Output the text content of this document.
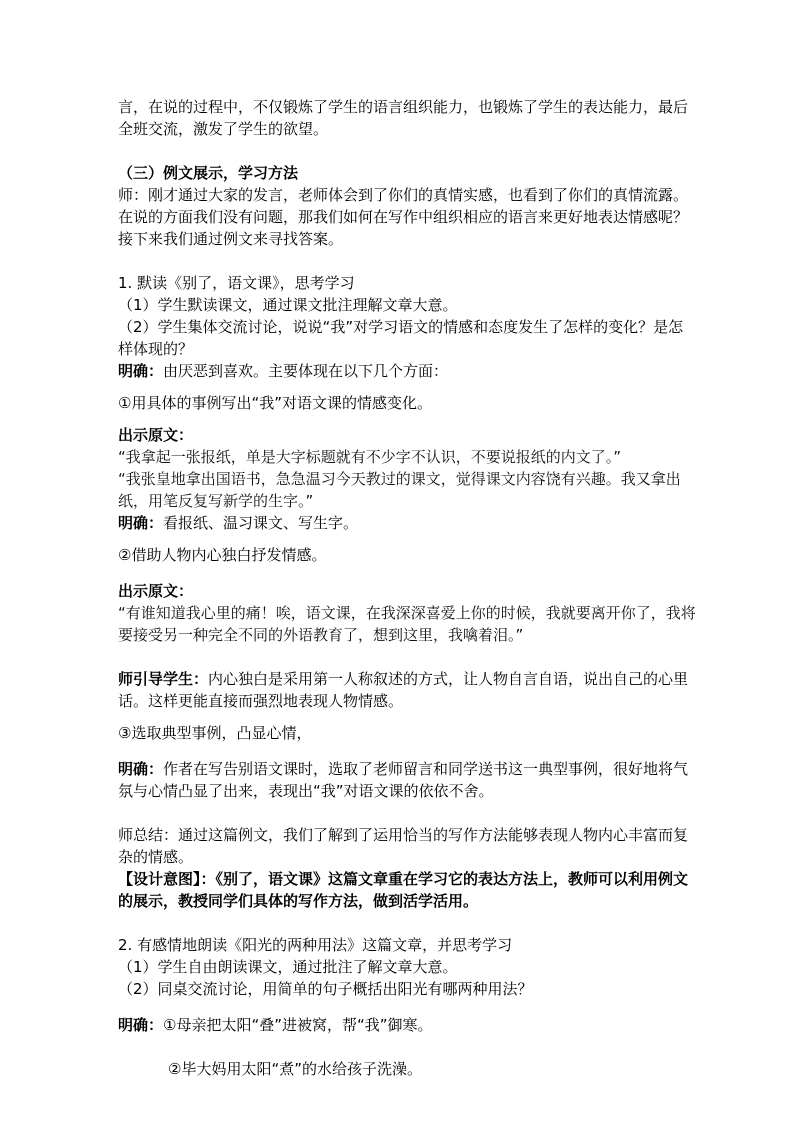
言，在说的过程中，不仅锻炼了学生的语言组织能力，也锻炼了学生的表达能力，最后全班交流，激发了学生的欲望。

（三）例文展示，学习方法

师：刚才通过大家的发言，老师体会到了你们的真情实感，也看到了你们的真情流露。在说的方面我们没有问题，那我们如何在写作中组织相应的语言来更好地表达情感呢？接下来我们通过例文来寻找答案。

1. 默读《别了，语文课》，思考学习

（1）学生默读课文，通过课文批注理解文章大意。

（2）学生集体交流讨论，说说“我”对学习语文的情感和态度发生了怎样的变化？是怎样体现的？

明确：由厌恶到喜欢。主要体现在以下几个方面：

①用具体的事例写出“我”对语文课的情感变化。

出示原文：

“我拿起一张报纸，单是大字标题就有不少字不认识，不要说报纸的内文了。”

“我张皇地拿出国语书，急急温习今天教过的课文，觉得课文内容饶有兴趣。我又拿出纸，用笔反复写新学的生字。”

明确：看报纸、温习课文、写生字。

②借助人物内心独白抒发情感。

出示原文：

“有谁知道我心里的痛！唉，语文课，在我深深喜爱上你的时候，我就要离开你了，我将要接受另一种完全不同的外语教育了，想到这里，我噙着泪。”

师引导学生：内心独白是采用第一人称叙述的方式，让人物自言自语，说出自己的心里话。这样更能直接而强烈地表现人物情感。

③选取典型事例，凸显心情，

明确：作者在写告别语文课时，选取了老师留言和同学送书这一典型事例，很好地将气氛与心情凸显了出来，表现出“我”对语文课的依依不舍。

师总结：通过这篇例文，我们了解到了运用恰当的写作方法能够表现人物内心丰富而复杂的情感。

【设计意图】：《别了，语文课》这篇文章重在学习它的表达方法上，教师可以利用例文的展示，教授同学们具体的写作方法，做到活学活用。

2. 有感情地朗读《阳光的两种用法》这篇文章，并思考学习

（1）学生自由朗读课文，通过批注了解文章大意。

（2）同桌交流讨论，用简单的句子概括出阳光有哪两种用法？

明确：①母亲把太阳“叠”进被窝，帮“我”御寒。

②毕大妈用太阳“煮”的水给孩子洗澡。
